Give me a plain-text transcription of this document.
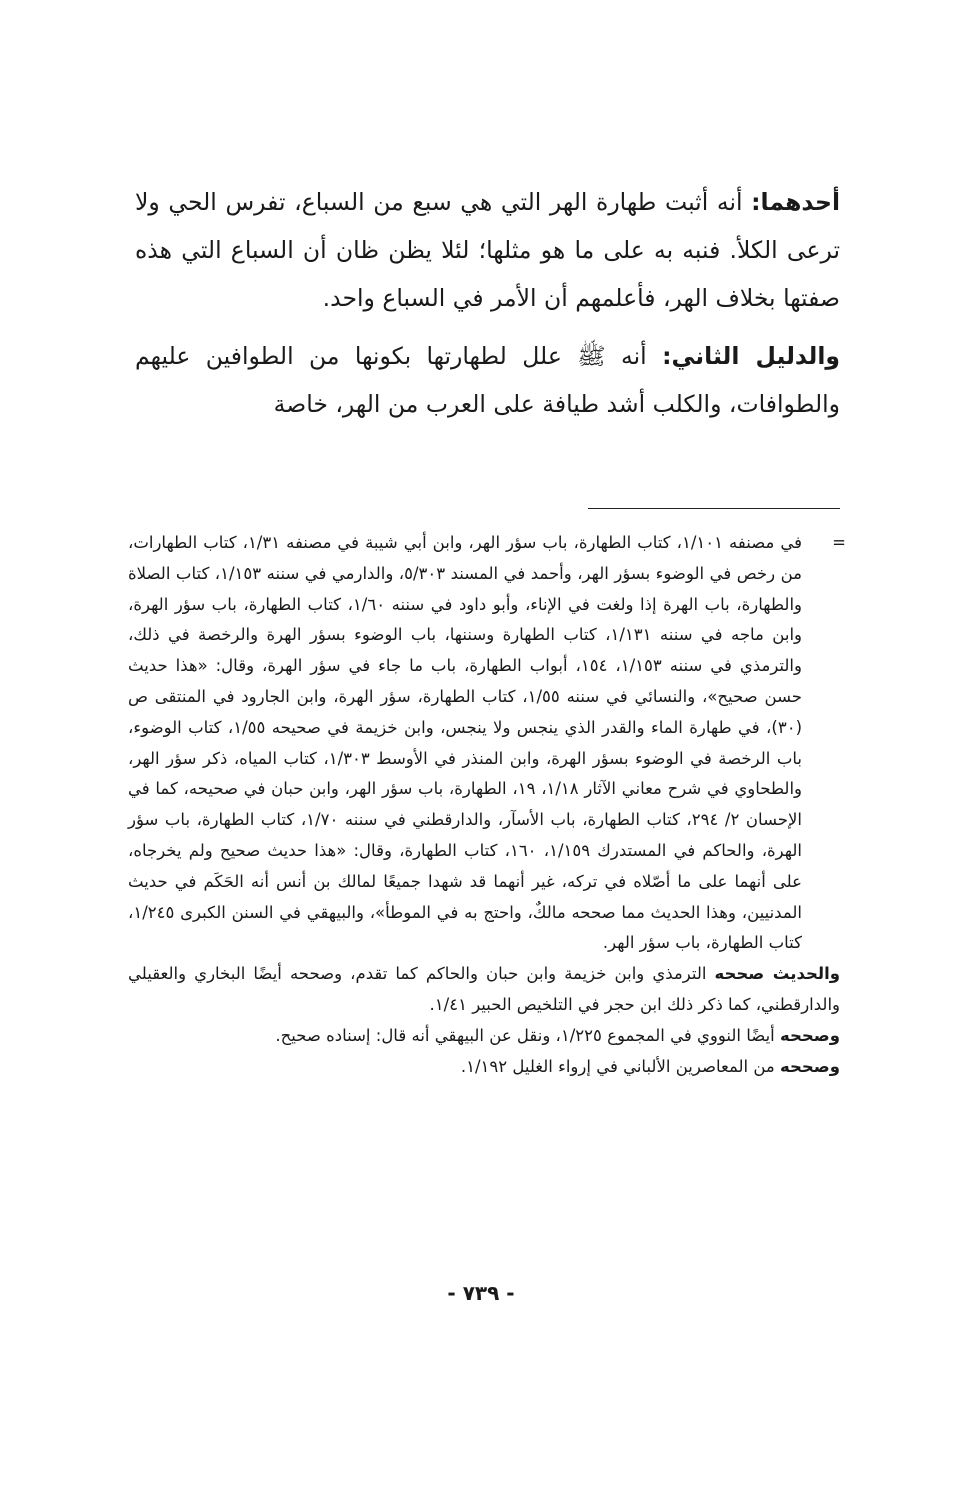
أحدهما: أنه أثبت طهارة الهر التي هي سبع من السباع، تفرس الحي ولا ترعى الكلأ. فنبه به على ما هو مثلها؛ لئلا يظن ظان أن السباع التي هذه صفتها بخلاف الهر، فأعلمهم أن الأمر في السباع واحد.

والدليل الثاني: أنه ﷺ علل لطهارتها بكونها من الطوافين عليهم والطوافات، والكلب أشد طيافة على العرب من الهر، خاصة

=
في مصنفه ١/١٠١، كتاب الطهارة، باب سؤر الهر، وابن أبي شيبة في مصنفه ١/٣١، كتاب الطهارات، من رخص في الوضوء بسؤر الهر، وأحمد في المسند ٥/٣٠٣، والدارمي في سننه ١/١٥٣، كتاب الصلاة والطهارة، باب الهرة إذا ولغت في الإناء، وأبو داود في سننه ١/٦٠، كتاب الطهارة، باب سؤر الهرة، وابن ماجه في سننه ١/١٣١، كتاب الطهارة وسننها، باب الوضوء بسؤر الهرة والرخصة في ذلك، والترمذي في سننه ١/١٥٣، ١٥٤، أبواب الطهارة، باب ما جاء في سؤر الهرة، وقال: «هذا حديث حسن صحيح»، والنسائي في سننه ١/٥٥، كتاب الطهارة، سؤر الهرة، وابن الجارود في المنتقى ص (٣٠)، في طهارة الماء والقدر الذي ينجس ولا ينجس، وابن خزيمة في صحيحه ١/٥٥، كتاب الوضوء، باب الرخصة في الوضوء بسؤر الهرة، وابن المنذر في الأوسط ١/٣٠٣، كتاب المياه، ذكر سؤر الهر، والطحاوي في شرح معاني الآثار ١/١٨، ١٩، الطهارة، باب سؤر الهر، وابن حبان في صحيحه، كما في الإحسان ٢/ ٢٩٤، كتاب الطهارة، باب الأسآر، والدارقطني في سننه ١/٧٠، كتاب الطهارة، باب سؤر الهرة، والحاكم في المستدرك ١/١٥٩، ١٦٠، كتاب الطهارة، وقال: «هذا حديث صحيح ولم يخرجاه، على أنهما على ما أصّلاه في تركه، غير أنهما قد شهدا جميعًا لمالك بن أنس أنه الحَكَم في حديث المدنيين، وهذا الحديث مما صححه مالكٌ، واحتج به في الموطأ»، والبيهقي في السنن الكبرى ١/٢٤٥، كتاب الطهارة، باب سؤر الهر.

والحديث صححه الترمذي وابن خزيمة وابن حبان والحاكم كما تقدم، وصححه أيضًا البخاري والعقيلي والدارقطني، كما ذكر ذلك ابن حجر في التلخيص الحبير ١/٤١.

وصححه أيضًا النووي في المجموع ١/٢٢٥، ونقل عن البيهقي أنه قال: إسناده صحيح.

وصححه من المعاصرين الألباني في إرواء الغليل ١/١٩٢.

- ٧٣٩ -
